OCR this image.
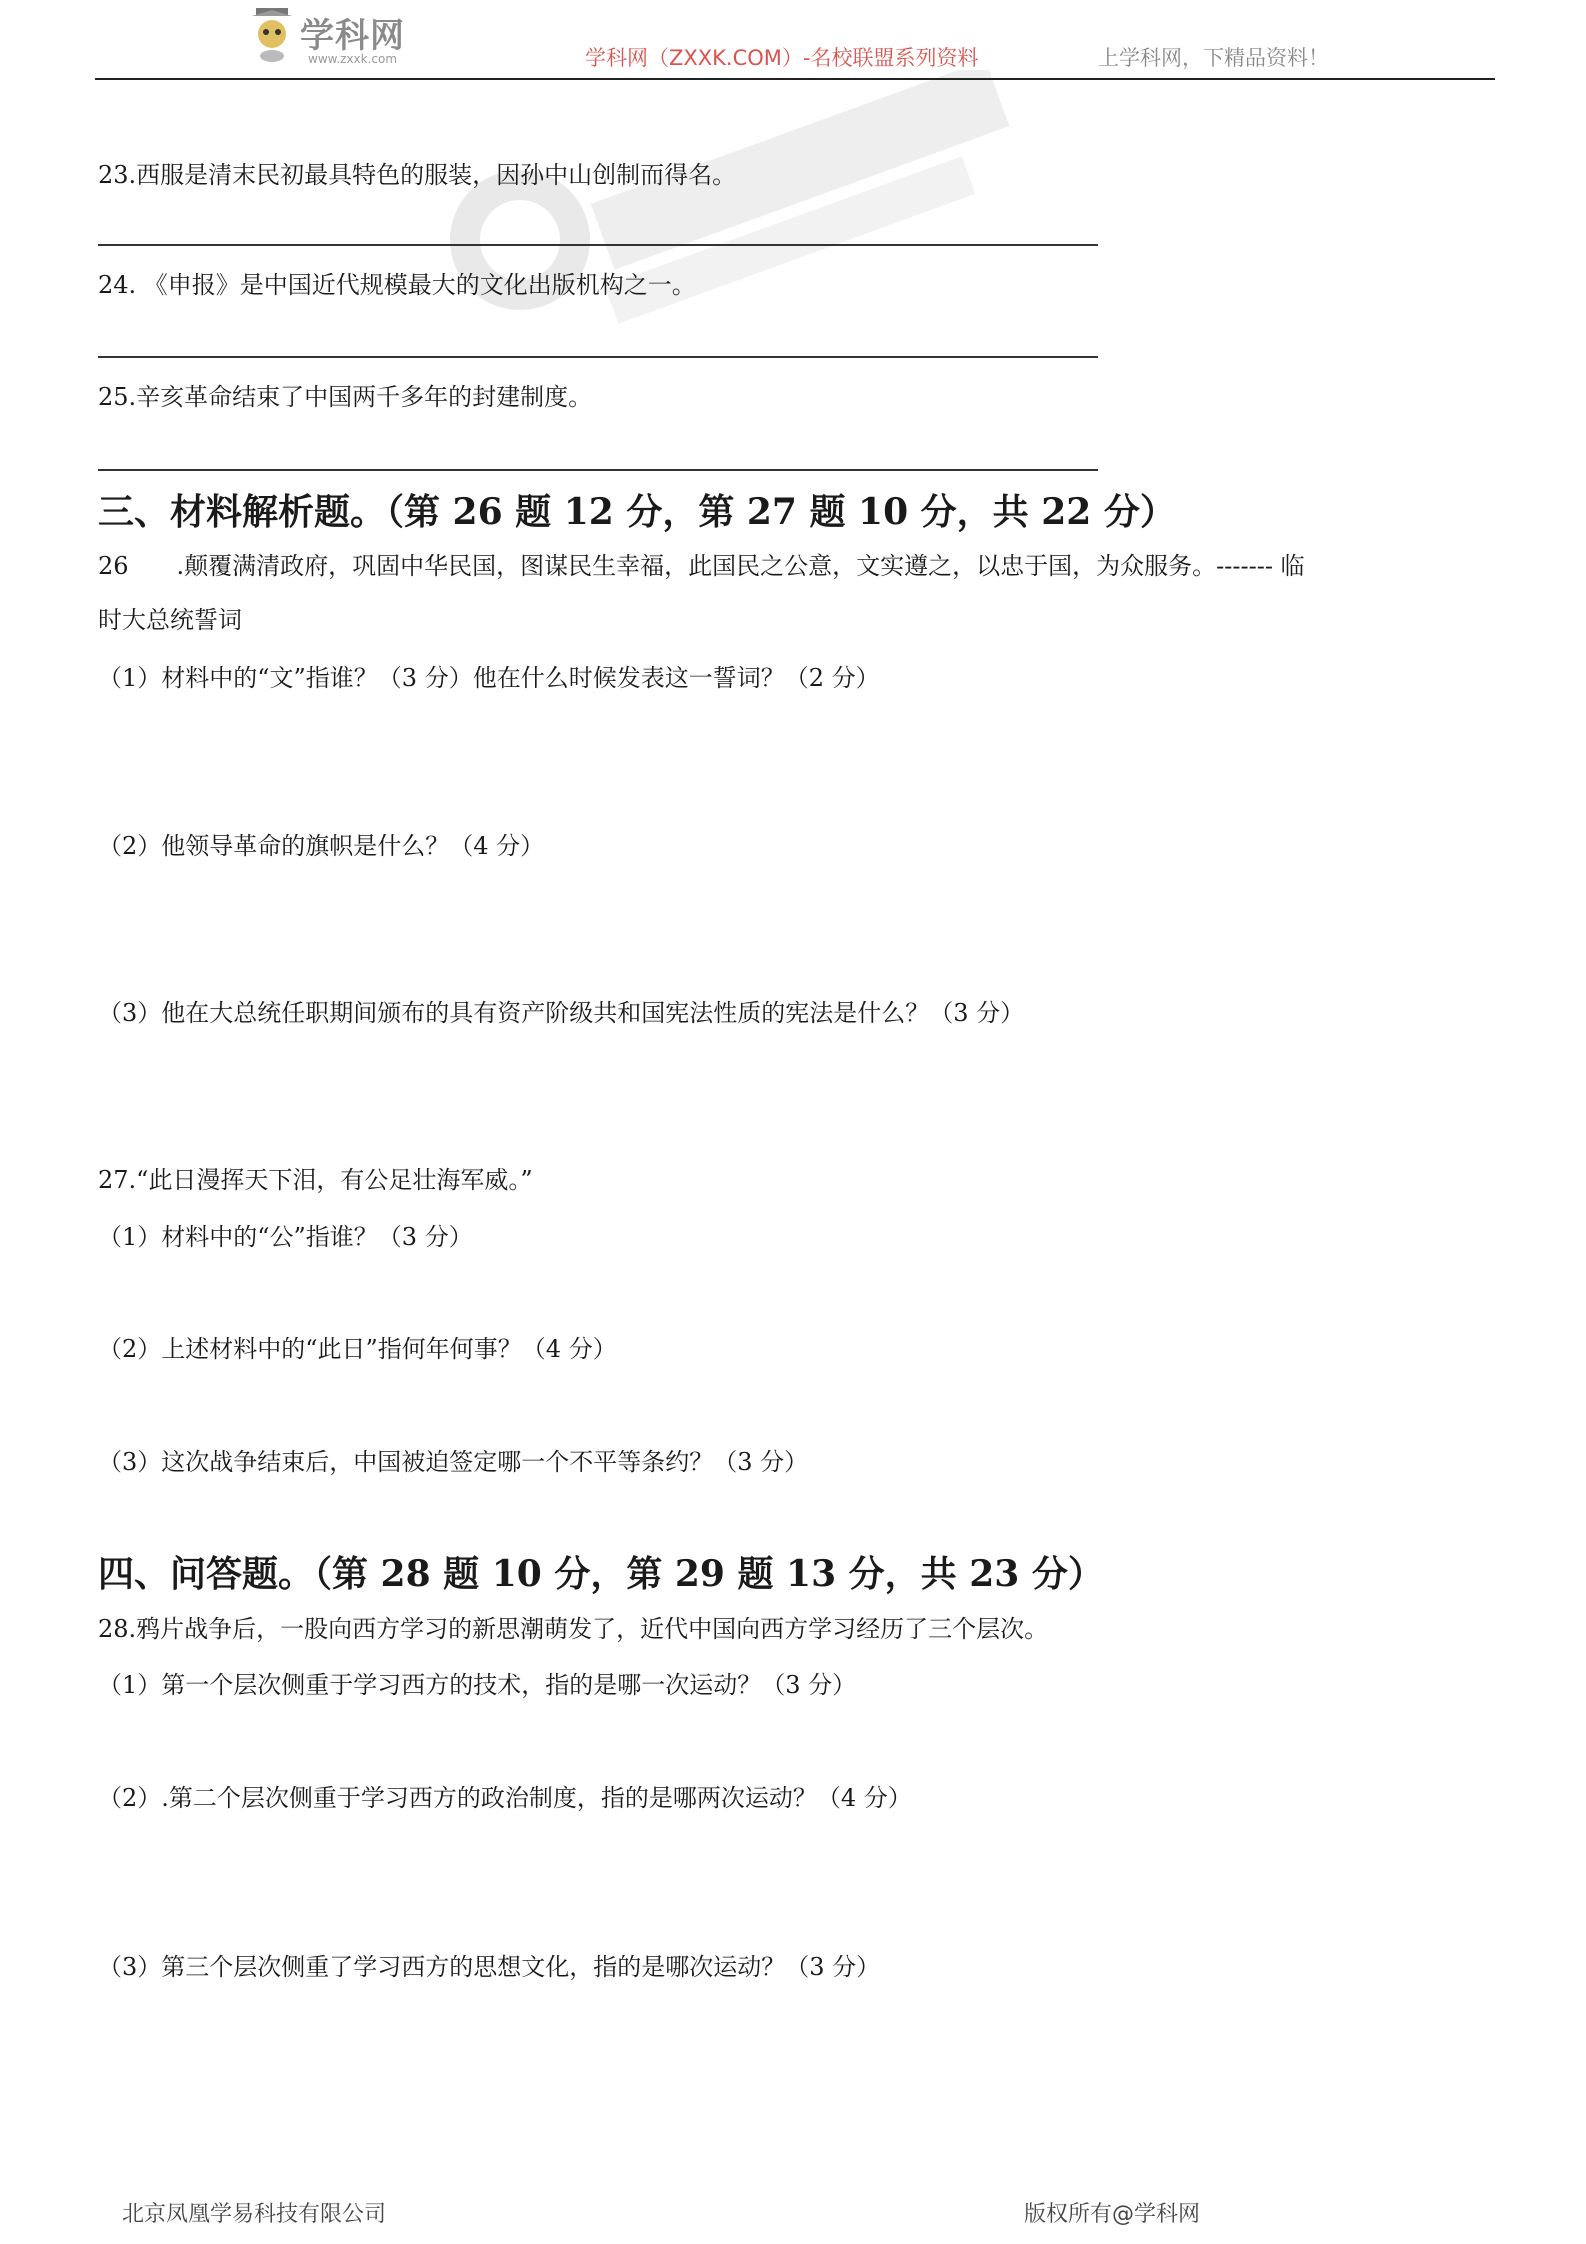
学科网
www.zxxk.com	学科网（ZXXK.COM）-名校联盟系列资料	上学科网，下精品资料！
23.西服是清末民初最具特色的服装，因孙中山创制而得名。
24. 《申报》是中国近代规模最大的文化出版机构之一。
25.辛亥革命结束了中国两千多年的封建制度。
三、材料解析题。（第 26 题 12 分，第 27 题 10 分，共 22 分）
26　　.颠覆满清政府，巩固中华民国，图谋民生幸福，此国民之公意，文实遵之，以忠于国，为众服务。------- 临
时大总统誓词
（1）材料中的“文”指谁？（3 分）他在什么时候发表这一誓词？（2 分）
（2）他领导革命的旗帜是什么？（4 分）
（3）他在大总统任职期间颁布的具有资产阶级共和国宪法性质的宪法是什么？（3 分）
27.“此日漫挥天下泪，有公足壮海军威。”
（1）材料中的“公”指谁？（3 分）
（2）上述材料中的“此日”指何年何事？（4 分）
（3）这次战争结束后，中国被迫签定哪一个不平等条约？（3 分）
四、问答题。（第 28 题 10 分，第 29 题 13 分，共 23 分）
28.鸦片战争后，一股向西方学习的新思潮萌发了，近代中国向西方学习经历了三个层次。
（1）第一个层次侧重于学习西方的技术，指的是哪一次运动？（3 分）
（2）.第二个层次侧重于学习西方的政治制度，指的是哪两次运动？（4 分）
（3）第三个层次侧重了学习西方的思想文化，指的是哪次运动？（3 分）
北京凤凰学易科技有限公司	版权所有@学科网
